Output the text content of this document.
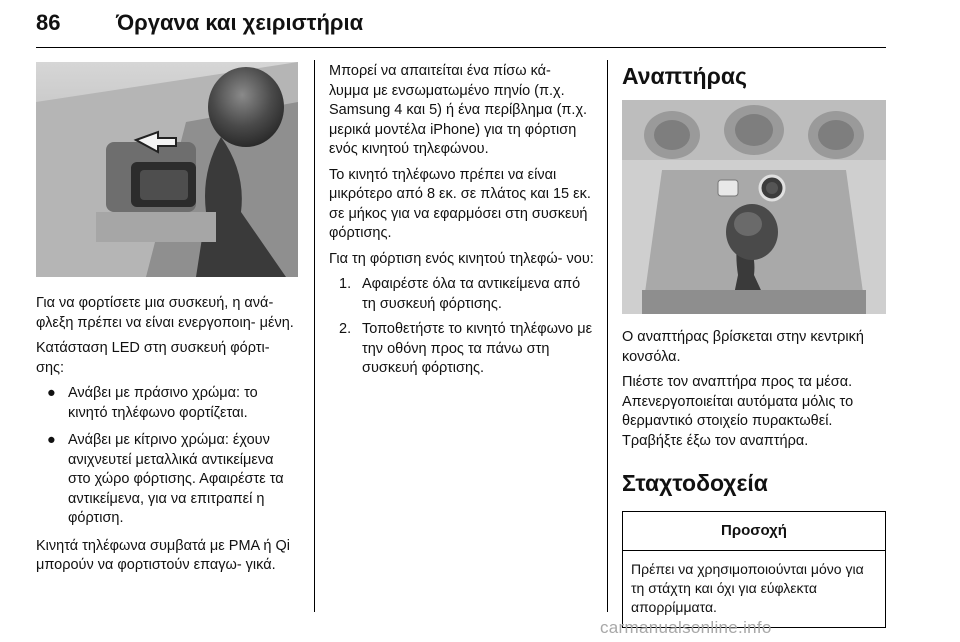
86	Όργανα και χειριστήρια

Για να φορτίσετε μια συσκευή, η ανά- φλεξη πρέπει να είναι ενεργοποιη- μένη.

Κατάσταση LED στη συσκευή φόρτι- σης:

● Ανάβει με πράσινο χρώμα: το κινητό τηλέφωνο φορτίζεται.
● Ανάβει με κίτρινο χρώμα: έχουν ανιχνευτεί μεταλλικά αντικείμενα στο χώρο φόρτισης. Αφαιρέστε τα αντικείμενα, για να επιτραπεί η φόρτιση.

Κινητά τηλέφωνα συμβατά με PMA ή Qi μπορούν να φορτιστούν επαγω- γικά.

Μπορεί να απαιτείται ένα πίσω κά- λυμμα με ενσωματωμένο πηνίο (π.χ. Samsung 4 και 5) ή ένα περίβλημα (π.χ. μερικά μοντέλα iPhone) για τη φόρτιση ενός κινητού τηλεφώνου.

Το κινητό τηλέφωνο πρέπει να είναι μικρότερο από 8 εκ. σε πλάτος και 15 εκ. σε μήκος για να εφαρμόσει στη συσκευή φόρτισης.

Για τη φόρτιση ενός κινητού τηλεφώ- νου:

1. Αφαιρέστε όλα τα αντικείμενα από τη συσκευή φόρτισης.
2. Τοποθετήστε το κινητό τηλέφωνο με την οθόνη προς τα πάνω στη συσκευή φόρτισης.
Αναπτήρας

Ο αναπτήρας βρίσκεται στην κεντρική κονσόλα.

Πιέστε τον αναπτήρα προς τα μέσα. Απενεργοποιείται αυτόματα μόλις το θερμαντικό στοιχείο πυρακτωθεί. Τραβήξτε έξω τον αναπτήρα.

Σταχτοδοχεία
Προσοχή
Πρέπει να χρησιμοποιούνται μόνο για τη στάχτη και όχι για εύφλεκτα απορρίμματα.
carmanualsonline.info
